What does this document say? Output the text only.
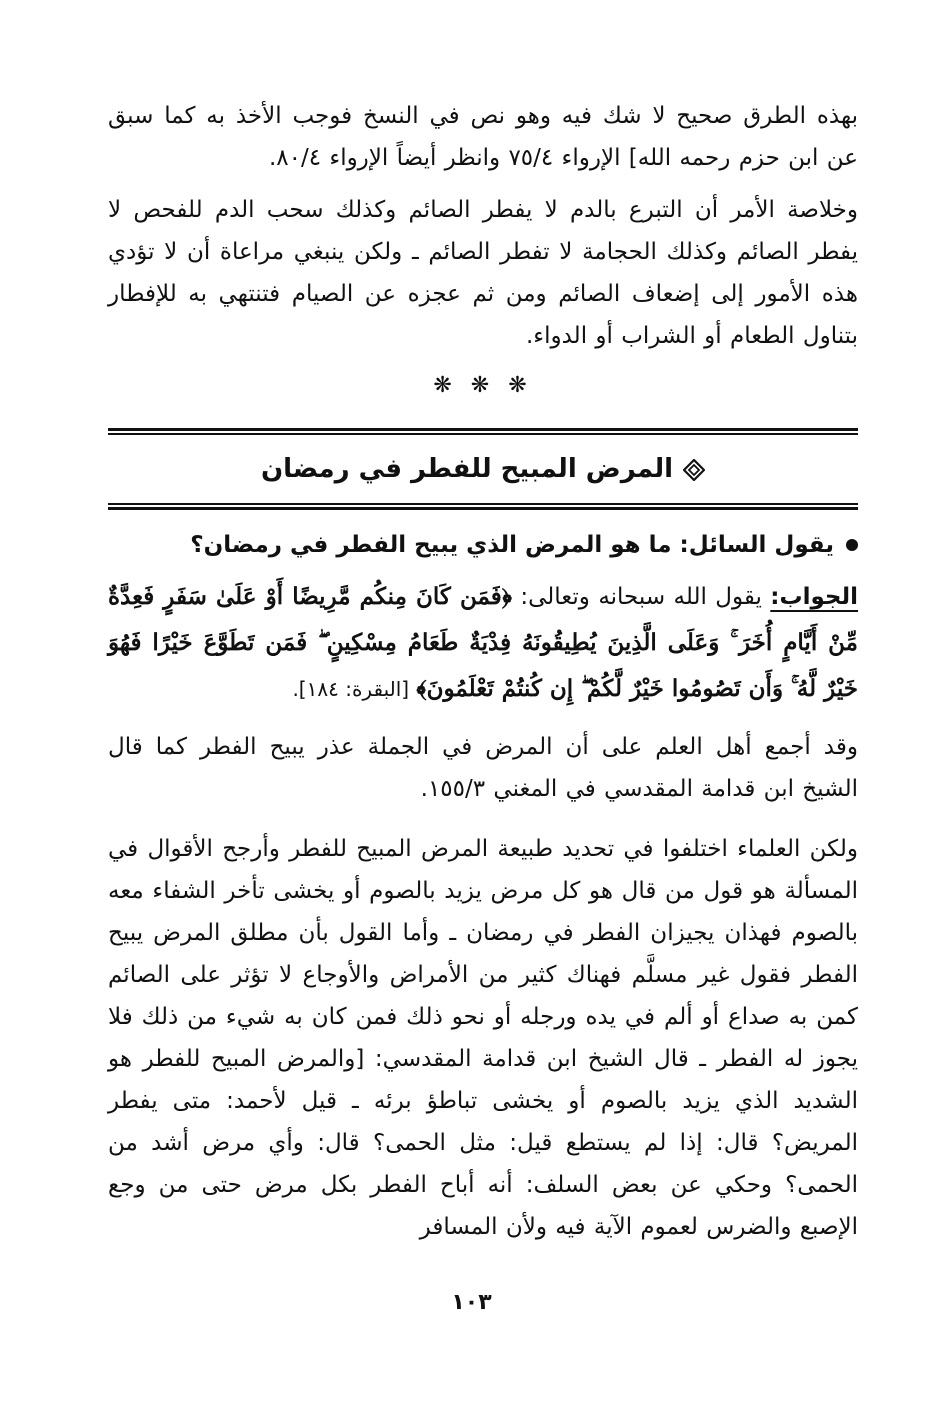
بهذه الطرق صحيح لا شك فيه وهو نص في النسخ فوجب الأخذ به كما سبق عن ابن حزم رحمه الله] الإرواء ٧٥/٤ وانظر أيضاً الإرواء ٨٠/٤.

وخلاصة الأمر أن التبرع بالدم لا يفطر الصائم وكذلك سحب الدم للفحص لا يفطر الصائم وكذلك الحجامة لا تفطر الصائم ـ ولكن ينبغي مراعاة أن لا تؤدي هذه الأمور إلى إضعاف الصائم ومن ثم عجزه عن الصيام فتنتهي به للإفطار بتناول الطعام أو الشراب أو الدواء.

❋ ❋ ❋
المرض المبيح للفطر في رمضان
يقول السائل: ما هو المرض الذي يبيح الفطر في رمضان؟

الجواب: يقول الله سبحانه وتعالى: ﴿فَمَن كَانَ مِنكُم مَّرِيضًا أَوْ عَلَىٰ سَفَرٍ فَعِدَّةٌ مِّنْ أَيَّامٍ أُخَرَ ۚ وَعَلَى الَّذِينَ يُطِيقُونَهُ فِدْيَةٌ طَعَامُ مِسْكِينٍ ۖ فَمَن تَطَوَّعَ خَيْرًا فَهُوَ خَيْرٌ لَّهُ ۚ وَأَن تَصُومُوا خَيْرٌ لَّكُمْ ۖ إِن كُنتُمْ تَعْلَمُونَ﴾ [البقرة: ١٨٤].

وقد أجمع أهل العلم على أن المرض في الجملة عذر يبيح الفطر كما قال الشيخ ابن قدامة المقدسي في المغني ١٥٥/٣.

ولكن العلماء اختلفوا في تحديد طبيعة المرض المبيح للفطر وأرجح الأقوال في المسألة هو قول من قال هو كل مرض يزيد بالصوم أو يخشى تأخر الشفاء معه بالصوم فهذان يجيزان الفطر في رمضان ـ وأما القول بأن مطلق المرض يبيح الفطر فقول غير مسلَّم فهناك كثير من الأمراض والأوجاع لا تؤثر على الصائم كمن به صداع أو ألم في يده ورجله أو نحو ذلك فمن كان به شيء من ذلك فلا يجوز له الفطر ـ قال الشيخ ابن قدامة المقدسي: [والمرض المبيح للفطر هو الشديد الذي يزيد بالصوم أو يخشى تباطؤ برئه ـ قيل لأحمد: متى يفطر المريض؟ قال: إذا لم يستطع قيل: مثل الحمى؟ قال: وأي مرض أشد من الحمى؟ وحكي عن بعض السلف: أنه أباح الفطر بكل مرض حتى من وجع الإصبع والضرس لعموم الآية فيه ولأن المسافر

١٠٣
